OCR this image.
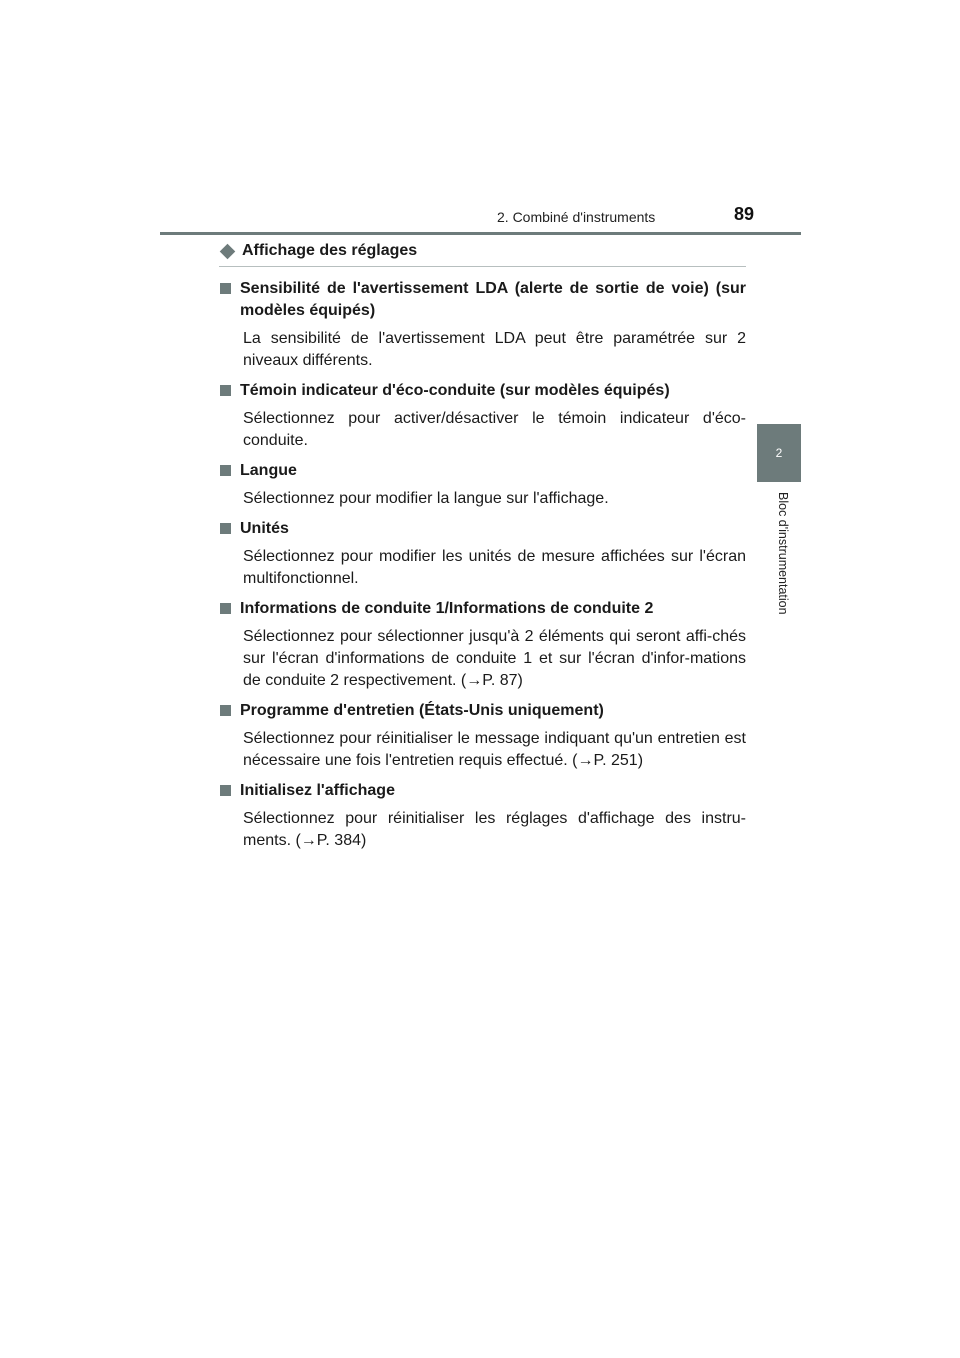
2. Combiné d'instruments	89
2
Bloc d'instrumentation
Affichage des réglages
Sensibilité de l'avertissement LDA (alerte de sortie de voie) (sur modèles équipés)
La sensibilité de l'avertissement LDA peut être paramétrée sur 2 niveaux différents.
Témoin indicateur d'éco-conduite (sur modèles équipés)
Sélectionnez pour activer/désactiver le témoin indicateur d'éco-conduite.
Langue
Sélectionnez pour modifier la langue sur l'affichage.
Unités
Sélectionnez pour modifier les unités de mesure affichées sur l'écran multifonctionnel.
Informations de conduite 1/Informations de conduite 2
Sélectionnez pour sélectionner jusqu'à 2 éléments qui seront affi-chés sur l'écran d'informations de conduite 1 et sur l'écran d'infor-mations de conduite 2 respectivement. (→P. 87)
Programme d'entretien (États-Unis uniquement)
Sélectionnez pour réinitialiser le message indiquant qu'un entretien est nécessaire une fois l'entretien requis effectué. (→P. 251)
Initialisez l'affichage
Sélectionnez pour réinitialiser les réglages d'affichage des instru-ments. (→P. 384)
